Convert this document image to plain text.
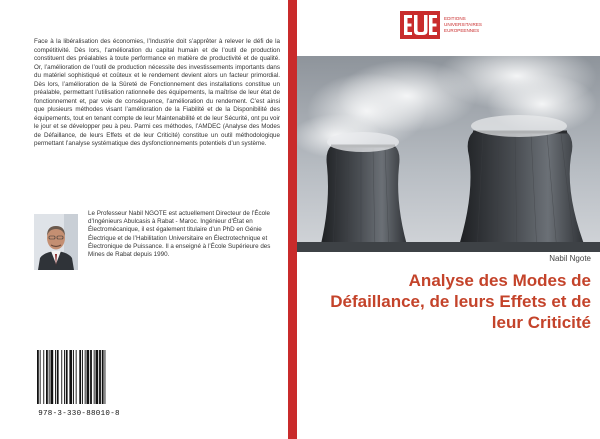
Face à la libéralisation des économies, l’Industrie doit s’apprêter à relever le défi de la compétitivité. Dès lors, l’amélioration du capital humain et de l’outil de production constituent des préalables à toute performance en matière de productivité et de qualité. Or, l’amélioration de l’outil de production nécessite des investissements importants dans du matériel sophistiqué et coûteux et le rendement devient alors un facteur primordial. Dès lors, l’amélioration de la Sûreté de Fonctionnement des installations constitue un préalable, permettant l’utilisation rationnelle des équipements, la maîtrise de leur état de fonctionnement et, par voie de conséquence, l’amélioration du rendement. C’est ainsi que plusieurs méthodes visant l’amélioration de la Fiabilité et de la Disponibilité des équipements, tout en tenant compte de leur Maintenabilité et de leur Sécurité, ont pu voir le jour et se développer peu à peu. Parmi ces méthodes, l’AMDEC (Analyse des Modes de Défaillance, de leurs Effets et de leur Criticité) constitue un outil méthodologique permettant l’analyse systématique des dysfonctionnements potentiels d’un système.

Le Professeur Nabil NGOTE est actuellement Directeur de l’École d’Ingénieurs Abulcasis à Rabat - Maroc. Ingénieur d’État en Électromécanique, il est également titulaire d’un PhD en Génie Électrique et de l’Habilitation Universitaire en Électrotechnique et Électronique de Puissance. Il a enseigné à l’École Supérieure des Mines de Rabat depuis 1990.

978-3-330-88010-8
EDITIONS
UNIVERSITAIRES
EUROPEENNES
Nabil Ngote
Analyse des Modes de Défaillance, de leurs Effets et de leur Criticité
